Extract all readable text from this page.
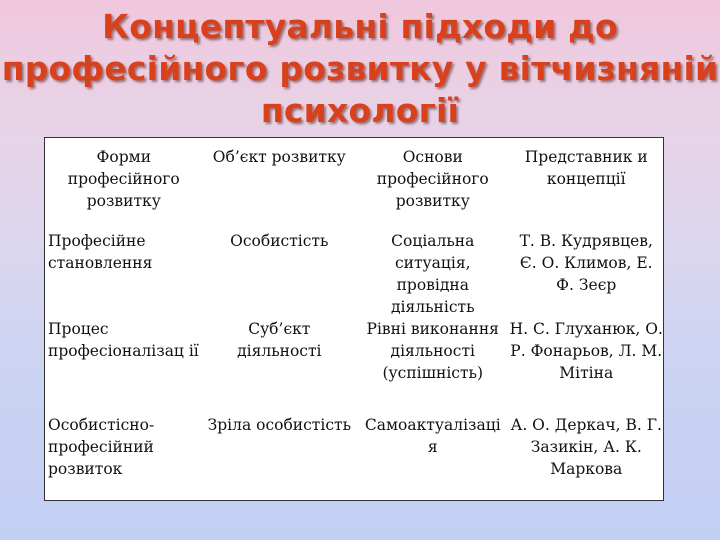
Концептуальні підходи до
професійного розвитку у вітчизняній
психології
Форми професійного розвитку	Об’єкт розвитку	Основи професійного розвитку	Представник и концепції
Професійне становлення	Особистість	Соціальна ситуація, провідна діяльність	Т. В. Кудрявцев, Є. О. Климов, Е. Ф. Зеєр
Процес професіоналізац ії	Суб’єкт діяльності	Рівні виконання діяльності (успішність)	Н. С. Глуханюк, О. Р. Фонарьов, Л. М. Мітіна
Особистісно-професійний розвиток	Зріла особистість	Самоактуалізаці я	А. О. Деркач, В. Г. Зазикін, А. К. Маркова
